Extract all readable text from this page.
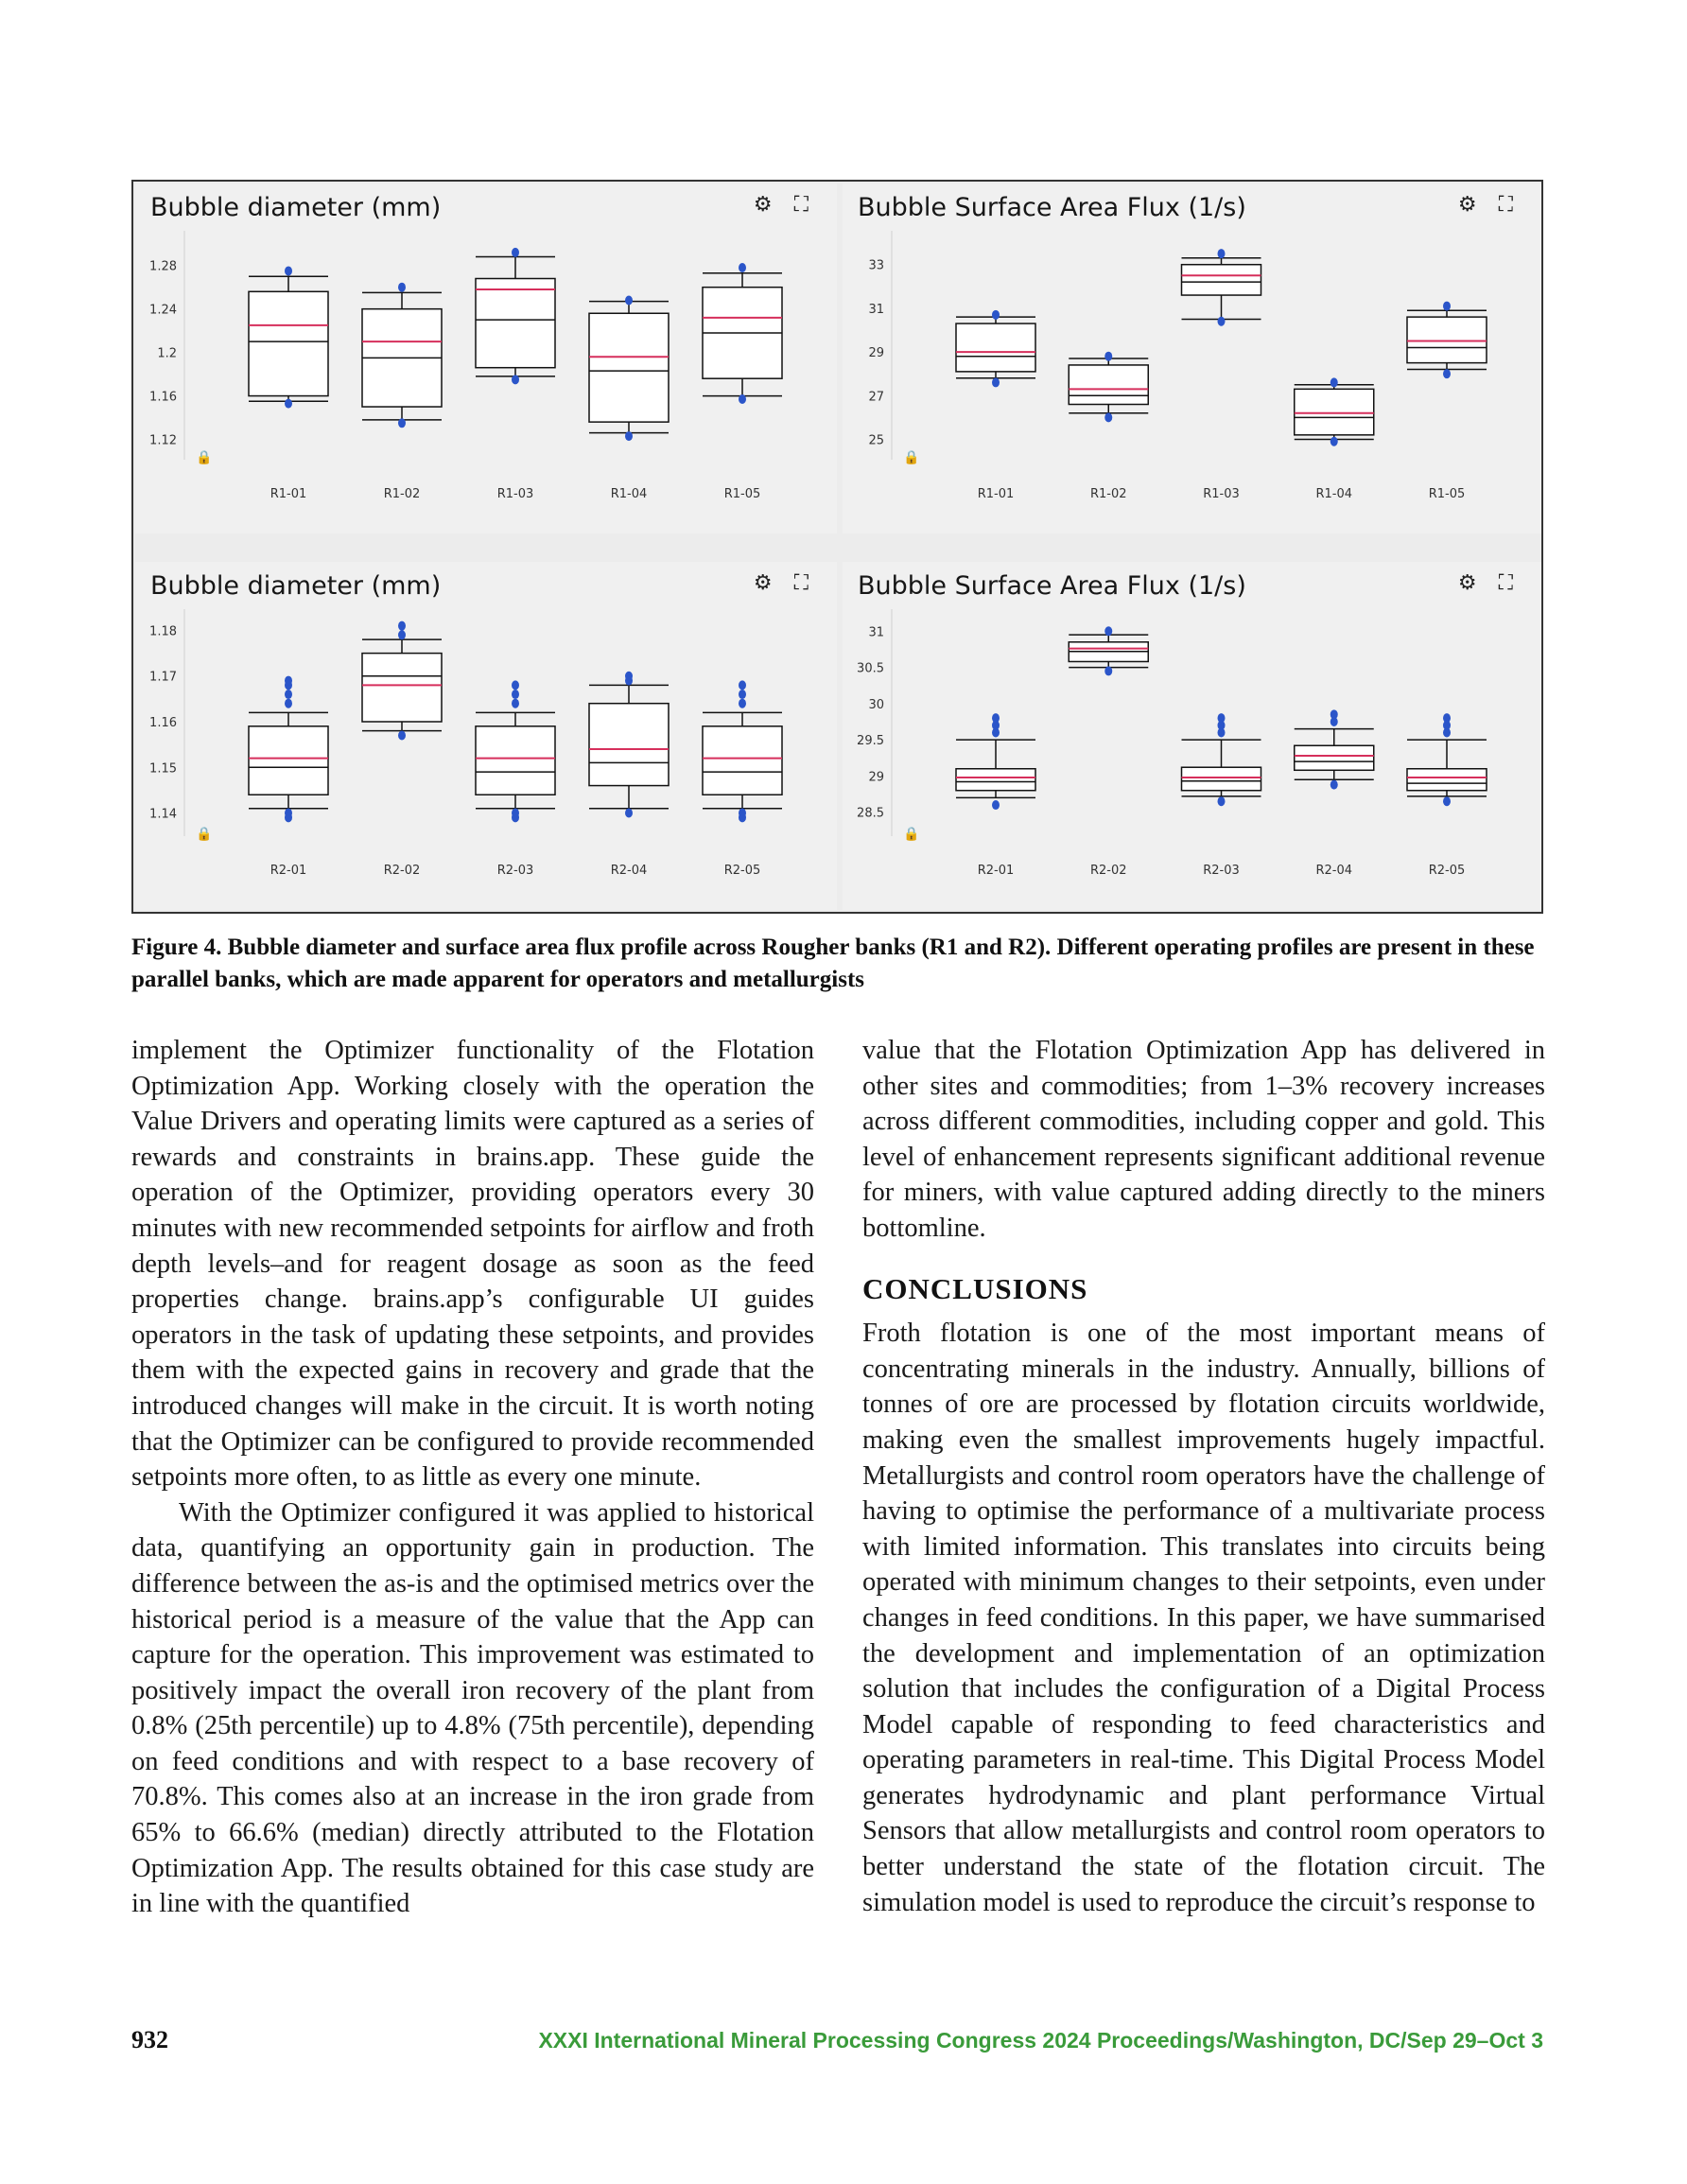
Bubble diameter (mm)	⚙ ⛶
1.12
1.16
1.2
1.24
1.28
🔒
R1-01	R1-02	R1-03	R1-04	R1-05
Bubble Surface Area Flux (1/s)	⚙ ⛶
25
27
29
31
33
🔒
R1-01	R1-02	R1-03	R1-04	R1-05
Bubble diameter (mm)	⚙ ⛶
1.14
1.15
1.16
1.17
1.18
🔒
R2-01	R2-02	R2-03	R2-04	R2-05
Bubble Surface Area Flux (1/s)	⚙ ⛶
28.5
29
29.5
30
30.5
31
🔒
R2-01	R2-02	R2-03	R2-04	R2-05
Figure 4. Bubble diameter and surface area flux profile across Rougher banks (R1 and R2). Different operating profiles are present in these parallel banks, which are made apparent for operators and metallurgists

implement the Optimizer functionality of the Flotation Optimization App. Working closely with the operation the Value Drivers and operating limits were captured as a series of rewards and constraints in brains.app. These guide the operation of the Optimizer, providing operators every 30 minutes with new recommended setpoints for airflow and froth depth levels–and for reagent dosage as soon as the feed properties change. brains.app’s configurable UI guides operators in the task of updating these setpoints, and provides them with the expected gains in recovery and grade that the introduced changes will make in the circuit. It is worth noting that the Optimizer can be configured to provide recommended setpoints more often, to as little as every one minute.

With the Optimizer configured it was applied to historical data, quantifying an opportunity gain in production. The difference between the as-is and the optimised metrics over the historical period is a measure of the value that the App can capture for the operation. This improvement was estimated to positively impact the overall iron recovery of the plant from 0.8% (25th percentile) up to 4.8% (75th percentile), depending on feed conditions and with respect to a base recovery of 70.8%. This comes also at an increase in the iron grade from 65% to 66.6% (median) directly attributed to the Flotation Optimization App. The results obtained for this case study are in line with the quantified

value that the Flotation Optimization App has delivered in other sites and commodities; from 1–3% recovery increases across different commodities, including copper and gold. This level of enhancement represents significant additional revenue for miners, with value captured adding directly to the miners bottomline.

CONCLUSIONS

Froth flotation is one of the most important means of concentrating minerals in the industry. Annually, billions of tonnes of ore are processed by flotation circuits worldwide, making even the smallest improvements hugely impactful. Metallurgists and control room operators have the challenge of having to optimise the performance of a multivariate process with limited information. This translates into circuits being operated with minimum changes to their setpoints, even under changes in feed conditions. In this paper, we have summarised the development and implementation of an optimization solution that includes the configuration of a Digital Process Model capable of responding to feed characteristics and operating parameters in real-time. This Digital Process Model generates hydrodynamic and plant performance Virtual Sensors that allow metallurgists and control room operators to better understand the state of the flotation circuit. The simulation model is used to reproduce the circuit’s response to

932	XXXI International Mineral Processing Congress 2024 Proceedings/Washington, DC/Sep 29–Oct 3
